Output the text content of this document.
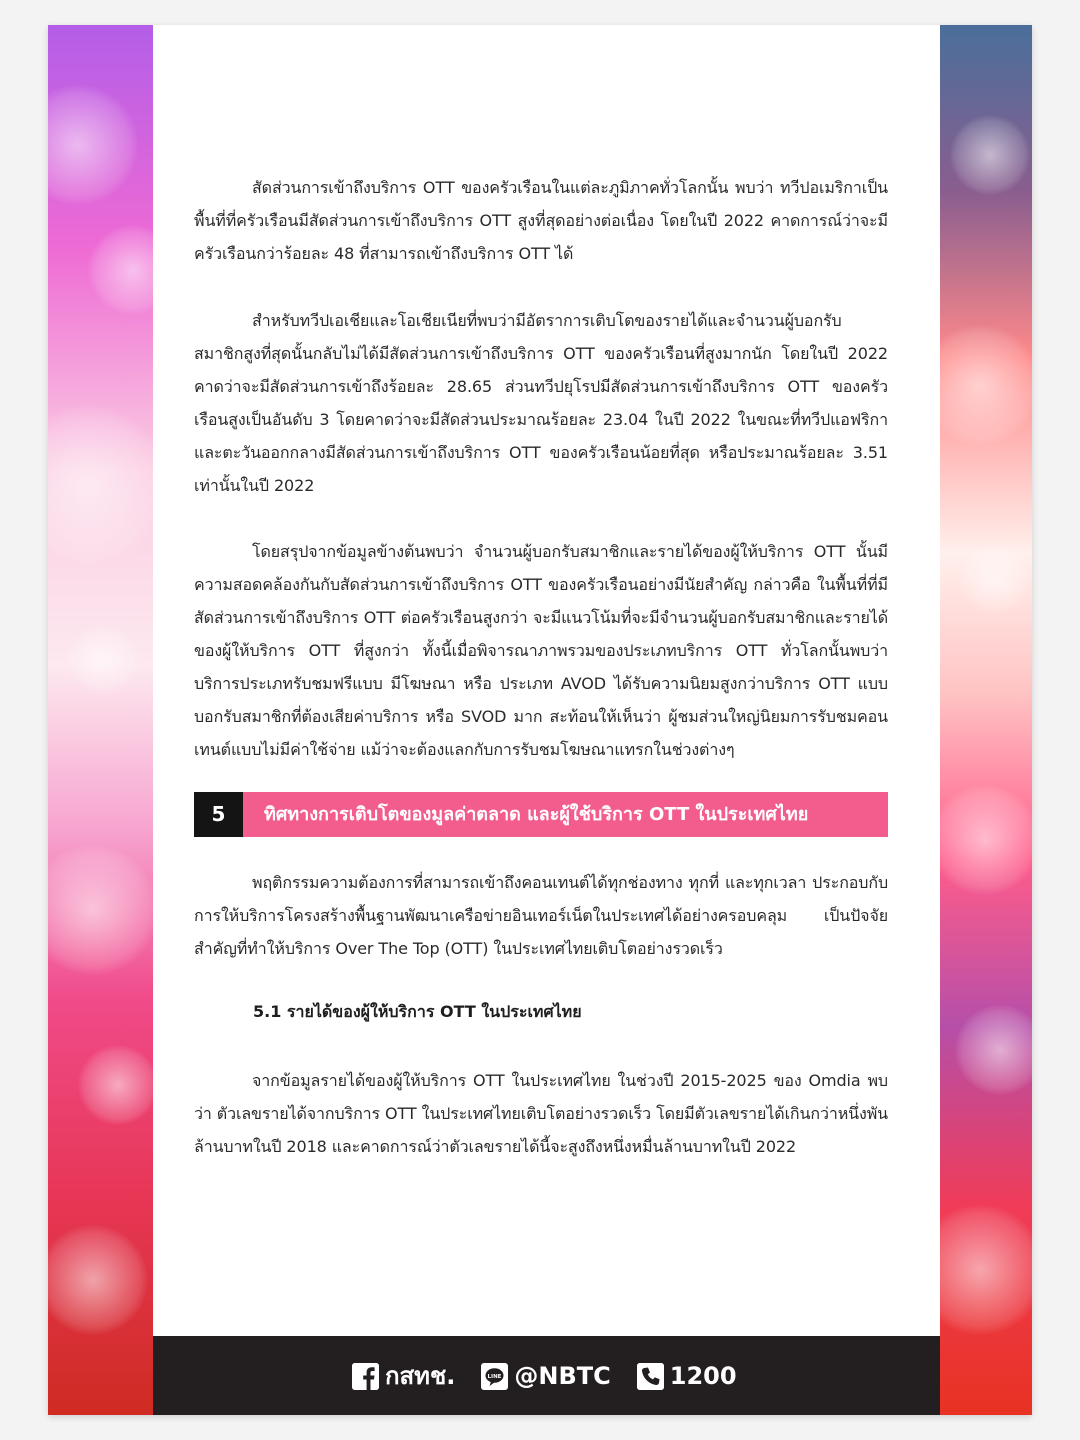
สัดส่วนการเข้าถึงบริการ OTT ของครัวเรือนในแต่ละภูมิภาคทั่วโลกนั้น พบว่า ทวีปอเมริกาเป็นพื้นที่ที่ครัวเรือนมีสัดส่วนการเข้าถึงบริการ OTT สูงที่สุดอย่างต่อเนื่อง โดยในปี 2022 คาดการณ์ว่าจะมีครัวเรือนกว่าร้อยละ 48 ที่สามารถเข้าถึงบริการ OTT ได้

สำหรับทวีปเอเชียและโอเชียเนียที่พบว่ามีอัตราการเติบโตของรายได้และจำนวนผู้บอกรับสมาชิกสูงที่สุดนั้นกลับไม่ได้มีสัดส่วนการเข้าถึงบริการ OTT ของครัวเรือนที่สูงมากนัก โดยในปี 2022 คาดว่าจะมีสัดส่วนการเข้าถึงร้อยละ 28.65 ส่วนทวีปยุโรปมีสัดส่วนการเข้าถึงบริการ OTT ของครัวเรือนสูงเป็นอันดับ 3 โดยคาดว่าจะมีสัดส่วนประมาณร้อยละ 23.04 ในปี 2022 ในขณะที่ทวีปแอฟริกาและตะวันออกกลางมีสัดส่วนการเข้าถึงบริการ OTT ของครัวเรือนน้อยที่สุด หรือประมาณร้อยละ 3.51 เท่านั้นในปี 2022

โดยสรุปจากข้อมูลข้างต้นพบว่า จำนวนผู้บอกรับสมาชิกและรายได้ของผู้ให้บริการ OTT นั้นมีความสอดคล้องกันกับสัดส่วนการเข้าถึงบริการ OTT ของครัวเรือนอย่างมีนัยสำคัญ กล่าวคือ ในพื้นที่ที่มีสัดส่วนการเข้าถึงบริการ OTT ต่อครัวเรือนสูงกว่า จะมีแนวโน้มที่จะมีจำนวนผู้บอกรับสมาชิกและรายได้ของผู้ให้บริการ OTT ที่สูงกว่า ทั้งนี้เมื่อพิจารณาภาพรวมของประเภทบริการ OTT ทั่วโลกนั้นพบว่า บริการประเภทรับชมฟรีแบบ มีโฆษณา หรือ ประเภท AVOD ได้รับความนิยมสูงกว่าบริการ OTT แบบบอกรับสมาชิกที่ต้องเสียค่าบริการ หรือ SVOD มาก สะท้อนให้เห็นว่า ผู้ชมส่วนใหญ่นิยมการรับชมคอนเทนต์แบบไม่มีค่าใช้จ่าย แม้ว่าจะต้องแลกกับการรับชมโฆษณาแทรกในช่วงต่างๆ

5	ทิศทางการเติบโตของมูลค่าตลาด และผู้ใช้บริการ OTT ในประเทศไทย

พฤติกรรมความต้องการที่สามารถเข้าถึงคอนเทนต์ได้ทุกช่องทาง ทุกที่ และทุกเวลา ประกอบกับการให้บริการโครงสร้างพื้นฐานพัฒนาเครือข่ายอินเทอร์เน็ตในประเทศได้อย่างครอบคลุม เป็นปัจจัยสำคัญที่ทำให้บริการ Over The Top (OTT) ในประเทศไทยเติบโตอย่างรวดเร็ว

5.1 รายได้ของผู้ให้บริการ OTT ในประเทศไทย

จากข้อมูลรายได้ของผู้ให้บริการ OTT ในประเทศไทย ในช่วงปี 2015-2025 ของ Omdia พบว่า ตัวเลขรายได้จากบริการ OTT ในประเทศไทยเติบโตอย่างรวดเร็ว โดยมีตัวเลขรายได้เกินกว่าหนึ่งพันล้านบาทในปี 2018 และคาดการณ์ว่าตัวเลขรายได้นี้จะสูงถึงหนึ่งหมื่นล้านบาทในปี 2022

กสทช.	LINE @NBTC 1200
